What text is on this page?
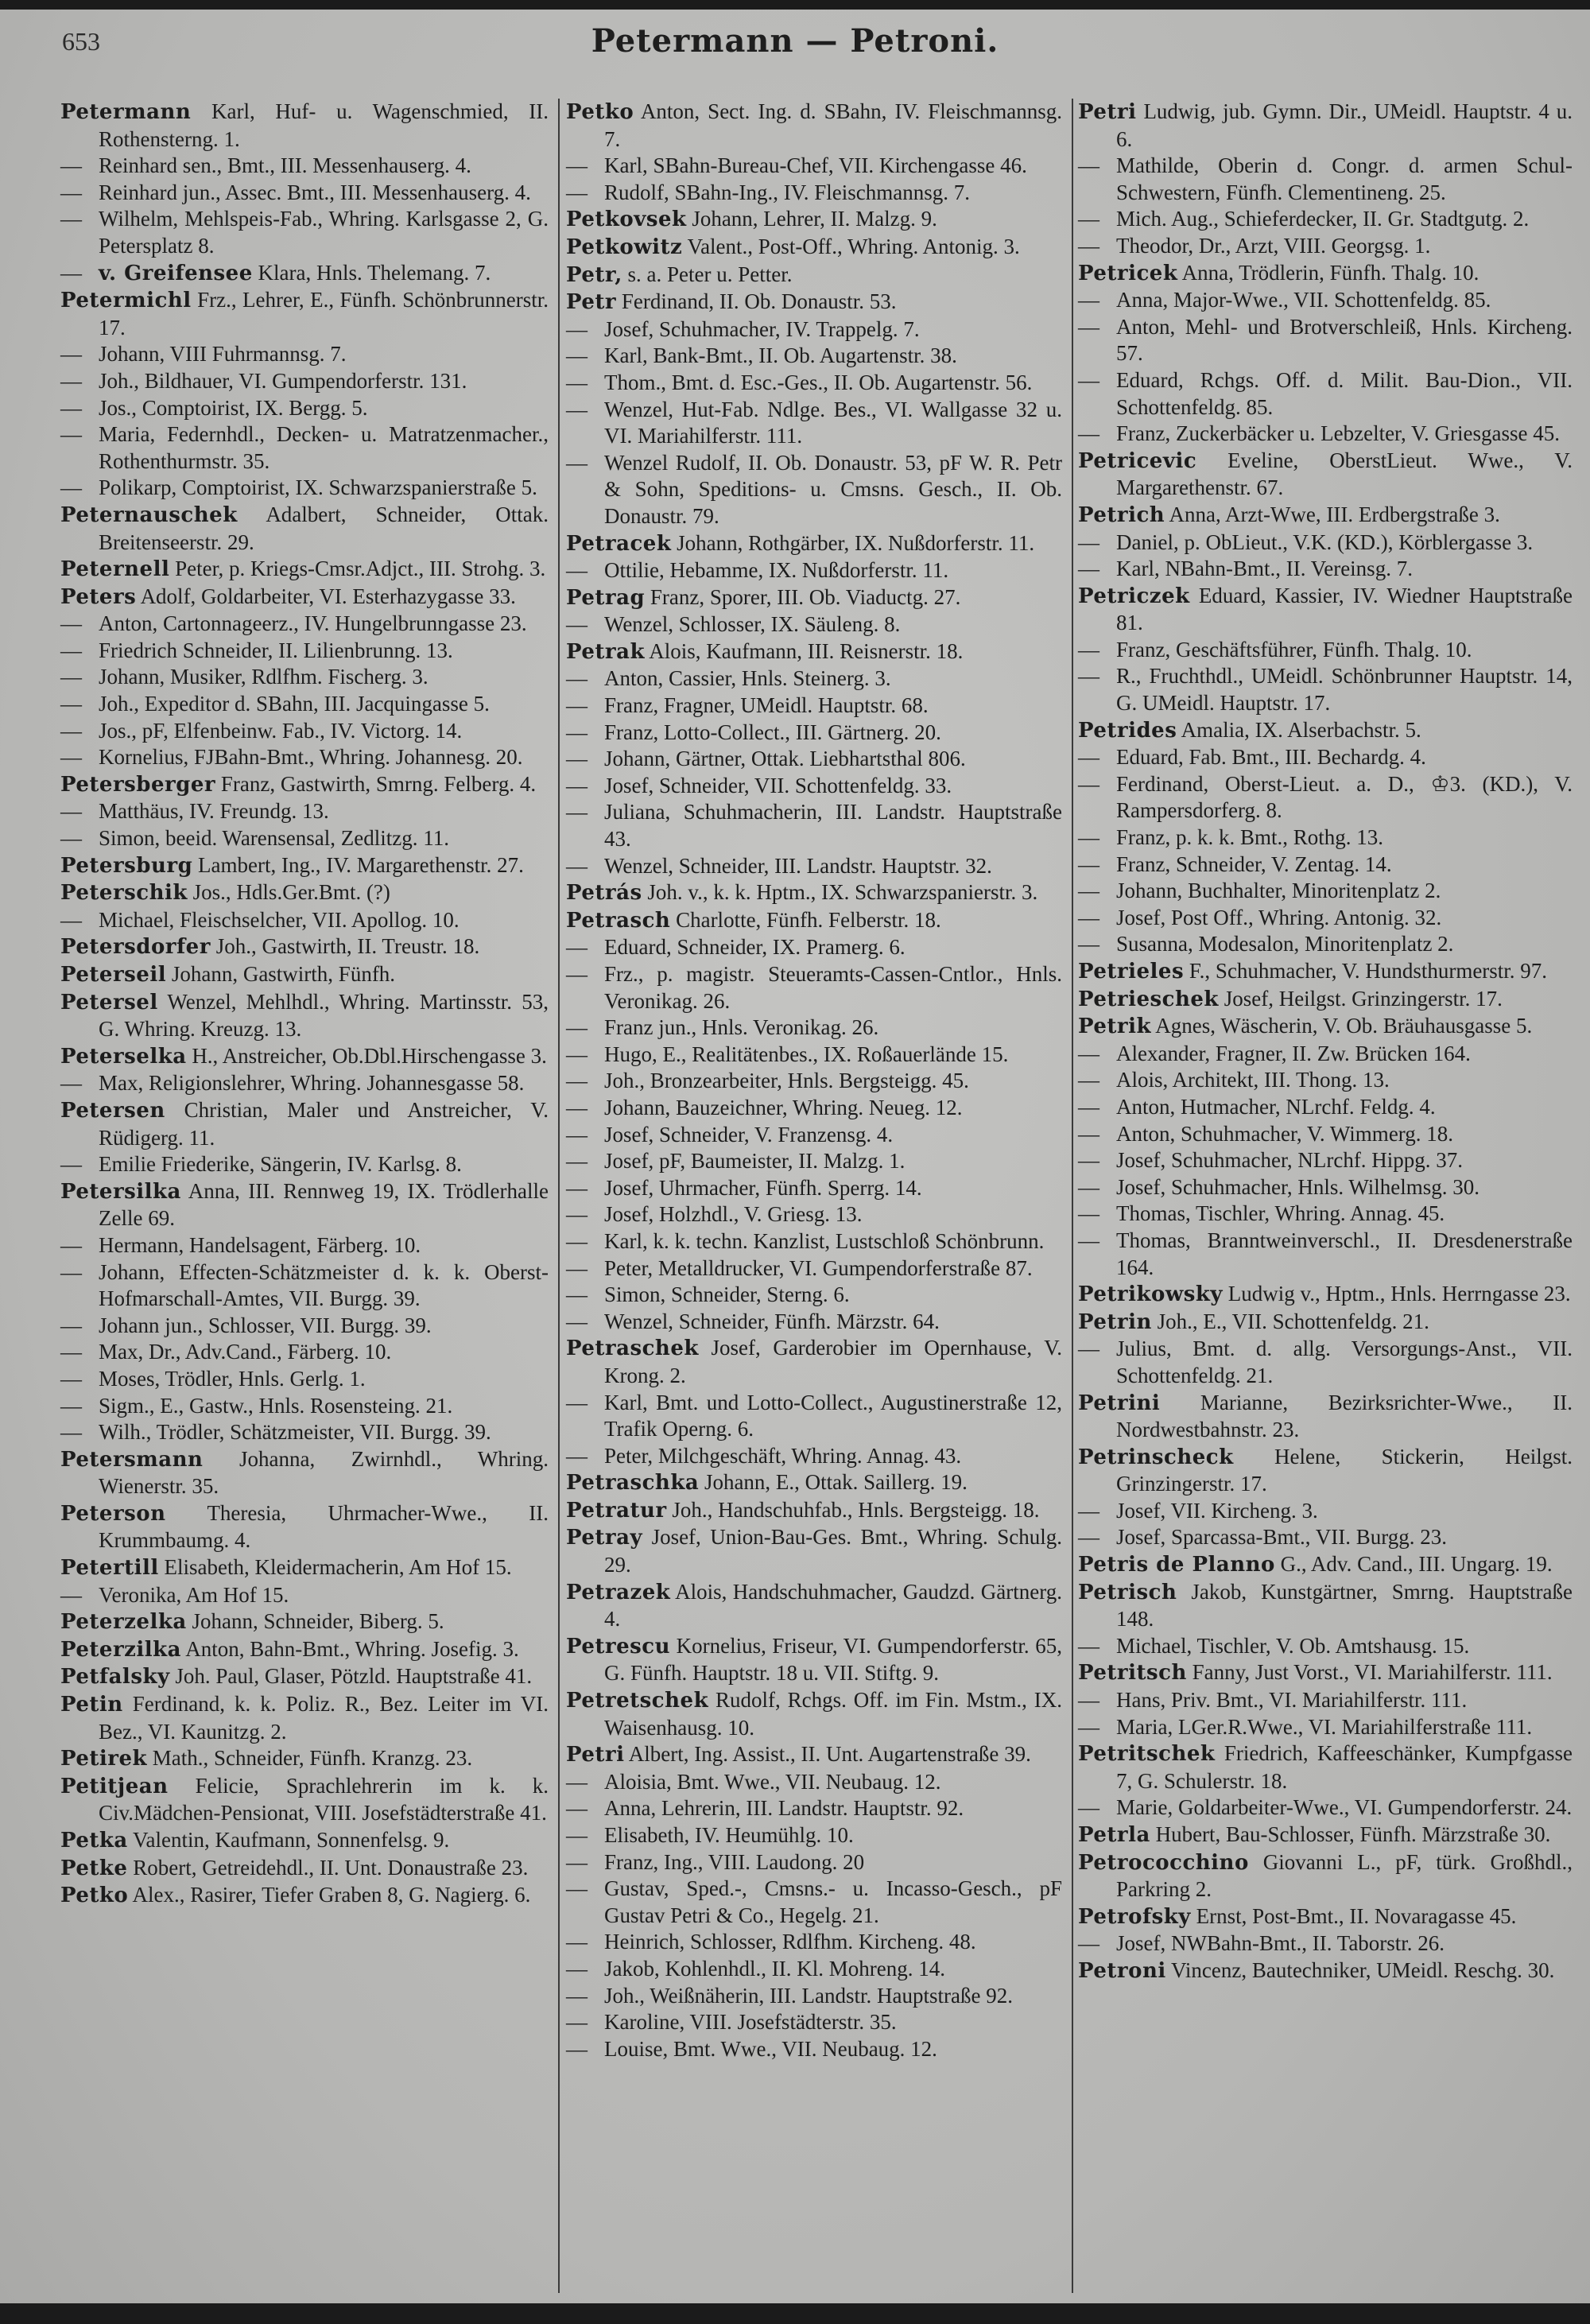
653	Petermann — Petroni.

Petermann Karl, Huf- u. Wagenschmied, II. Rothensterng. 1.

— Reinhard sen., Bmt., III. Messenhauserg. 4.

— Reinhard jun., Assec. Bmt., III. Messenhauserg. 4.

— Wilhelm, Mehlspeis-Fab., Whring. Karlsgasse 2, G. Petersplatz 8.

— v. Greifensee Klara, Hnls. Thelemang. 7.

Petermichl Frz., Lehrer, E., Fünfh. Schönbrunnerstr. 17.

— Johann, VIII Fuhrmannsg. 7.

— Joh., Bildhauer, VI. Gumpendorferstr. 131.

— Jos., Comptoirist, IX. Bergg. 5.

— Maria, Federnhdl., Decken- u. Matratzenmacher., Rothenthurmstr. 35.

— Polikarp, Comptoirist, IX. Schwarzspanierstraße 5.

Peternauschek Adalbert, Schneider, Ottak. Breitenseerstr. 29.

Peternell Peter, p. Kriegs-Cmsr.Adjct., III. Strohg. 3.

Peters Adolf, Goldarbeiter, VI. Esterhazygasse 33.

— Anton, Cartonnageerz., IV. Hungelbrunngasse 23.

— Friedrich Schneider, II. Lilienbrunng. 13.

— Johann, Musiker, Rdlfhm. Fischerg. 3.

— Joh., Expeditor d. SBahn, III. Jacquingasse 5.

— Jos., pF, Elfenbeinw. Fab., IV. Victorg. 14.

— Kornelius, FJBahn-Bmt., Whring. Johannesg. 20.

Petersberger Franz, Gastwirth, Smrng. Felberg. 4.

— Matthäus, IV. Freundg. 13.

— Simon, beeid. Warensensal, Zedlitzg. 11.

Petersburg Lambert, Ing., IV. Margarethenstr. 27.

Peterschik Jos., Hdls.Ger.Bmt. (?)

— Michael, Fleischselcher, VII. Apollog. 10.

Petersdorfer Joh., Gastwirth, II. Treustr. 18.

Peterseil Johann, Gastwirth, Fünfh.

Petersel Wenzel, Mehlhdl., Whring. Martinsstr. 53, G. Whring. Kreuzg. 13.

Peterselka H., Anstreicher, Ob.Dbl.Hirschengasse 3.

— Max, Religionslehrer, Whring. Johannesgasse 58.

Petersen Christian, Maler und Anstreicher, V. Rüdigerg. 11.

— Emilie Friederike, Sängerin, IV. Karlsg. 8.

Petersilka Anna, III. Rennweg 19, IX. Trödlerhalle Zelle 69.

— Hermann, Handelsagent, Färberg. 10.

— Johann, Effecten-Schätzmeister d. k. k. Oberst-Hofmarschall-Amtes, VII. Burgg. 39.

— Johann jun., Schlosser, VII. Burgg. 39.

— Max, Dr., Adv.Cand., Färberg. 10.

— Moses, Trödler, Hnls. Gerlg. 1.

— Sigm., E., Gastw., Hnls. Rosensteing. 21.

— Wilh., Trödler, Schätzmeister, VII. Burgg. 39.

Petersmann Johanna, Zwirnhdl., Whring. Wienerstr. 35.

Peterson Theresia, Uhrmacher-Wwe., II. Krummbaumg. 4.

Petertill Elisabeth, Kleidermacherin, Am Hof 15.

— Veronika, Am Hof 15.

Peterzelka Johann, Schneider, Biberg. 5.

Peterzilka Anton, Bahn-Bmt., Whring. Josefig. 3.

Petfalsky Joh. Paul, Glaser, Pötzld. Hauptstraße 41.

Petin Ferdinand, k. k. Poliz. R., Bez. Leiter im VI. Bez., VI. Kaunitzg. 2.

Petirek Math., Schneider, Fünfh. Kranzg. 23.

Petitjean Felicie, Sprachlehrerin im k. k. Civ.Mädchen-Pensionat, VIII. Josefstädterstraße 41.

Petka Valentin, Kaufmann, Sonnenfelsg. 9.

Petke Robert, Getreidehdl., II. Unt. Donaustraße 23.

Petko Alex., Rasirer, Tiefer Graben 8, G. Nagierg. 6.

Petko Anton, Sect. Ing. d. SBahn, IV. Fleischmannsg. 7.

— Karl, SBahn-Bureau-Chef, VII. Kirchengasse 46.

— Rudolf, SBahn-Ing., IV. Fleischmannsg. 7.

Petkovsek Johann, Lehrer, II. Malzg. 9.

Petkowitz Valent., Post-Off., Whring. Antonig. 3.

Petr, s. a. Peter u. Petter.

Petr Ferdinand, II. Ob. Donaustr. 53.

— Josef, Schuhmacher, IV. Trappelg. 7.

— Karl, Bank-Bmt., II. Ob. Augartenstr. 38.

— Thom., Bmt. d. Esc.-Ges., II. Ob. Augartenstr. 56.

— Wenzel, Hut-Fab. Ndlge. Bes., VI. Wallgasse 32 u. VI. Mariahilferstr. 111.

— Wenzel Rudolf, II. Ob. Donaustr. 53, pF W. R. Petr & Sohn, Speditions- u. Cmsns. Gesch., II. Ob. Donaustr. 79.

Petracek Johann, Rothgärber, IX. Nußdorferstr. 11.

— Ottilie, Hebamme, IX. Nußdorferstr. 11.

Petrag Franz, Sporer, III. Ob. Viaductg. 27.

— Wenzel, Schlosser, IX. Säuleng. 8.

Petrak Alois, Kaufmann, III. Reisnerstr. 18.

— Anton, Cassier, Hnls. Steinerg. 3.

— Franz, Fragner, UMeidl. Hauptstr. 68.

— Franz, Lotto-Collect., III. Gärtnerg. 20.

— Johann, Gärtner, Ottak. Liebhartsthal 806.

— Josef, Schneider, VII. Schottenfeldg. 33.

— Juliana, Schuhmacherin, III. Landstr. Hauptstraße 43.

— Wenzel, Schneider, III. Landstr. Hauptstr. 32.

Petrás Joh. v., k. k. Hptm., IX. Schwarzspanierstr. 3.

Petrasch Charlotte, Fünfh. Felberstr. 18.

— Eduard, Schneider, IX. Pramerg. 6.

— Frz., p. magistr. Steueramts-Cassen-Cntlor., Hnls. Veronikag. 26.

— Franz jun., Hnls. Veronikag. 26.

— Hugo, E., Realitätenbes., IX. Roßauerlände 15.

— Joh., Bronzearbeiter, Hnls. Bergsteigg. 45.

— Johann, Bauzeichner, Whring. Neueg. 12.

— Josef, Schneider, V. Franzensg. 4.

— Josef, pF, Baumeister, II. Malzg. 1.

— Josef, Uhrmacher, Fünfh. Sperrg. 14.

— Josef, Holzhdl., V. Griesg. 13.

— Karl, k. k. techn. Kanzlist, Lustschloß Schönbrunn.

— Peter, Metalldrucker, VI. Gumpendorferstraße 87.

— Simon, Schneider, Sterng. 6.

— Wenzel, Schneider, Fünfh. Märzstr. 64.

Petraschek Josef, Garderobier im Opernhause, V. Krong. 2.

— Karl, Bmt. und Lotto-Collect., Augustinerstraße 12, Trafik Operng. 6.

— Peter, Milchgeschäft, Whring. Annag. 43.

Petraschka Johann, E., Ottak. Saillerg. 19.

Petratur Joh., Handschuhfab., Hnls. Bergsteigg. 18.

Petray Josef, Union-Bau-Ges. Bmt., Whring. Schulg. 29.

Petrazek Alois, Handschuhmacher, Gaudzd. Gärtnerg. 4.

Petrescu Kornelius, Friseur, VI. Gumpendorferstr. 65, G. Fünfh. Hauptstr. 18 u. VII. Stiftg. 9.

Petretschek Rudolf, Rchgs. Off. im Fin. Mstm., IX. Waisenhausg. 10.

Petri Albert, Ing. Assist., II. Unt. Augartenstraße 39.

— Aloisia, Bmt. Wwe., VII. Neubaug. 12.

— Anna, Lehrerin, III. Landstr. Hauptstr. 92.

— Elisabeth, IV. Heumühlg. 10.

— Franz, Ing., VIII. Laudong. 20

— Gustav, Sped.-, Cmsns.- u. Incasso-Gesch., pF Gustav Petri & Co., Hegelg. 21.

— Heinrich, Schlosser, Rdlfhm. Kircheng. 48.

— Jakob, Kohlenhdl., II. Kl. Mohreng. 14.

— Joh., Weißnäherin, III. Landstr. Hauptstraße 92.

— Karoline, VIII. Josefstädterstr. 35.

— Louise, Bmt. Wwe., VII. Neubaug. 12.

Petri Ludwig, jub. Gymn. Dir., UMeidl. Hauptstr. 4 u. 6.

— Mathilde, Oberin d. Congr. d. armen Schul-Schwestern, Fünfh. Clementineng. 25.

— Mich. Aug., Schieferdecker, II. Gr. Stadtgutg. 2.

— Theodor, Dr., Arzt, VIII. Georgsg. 1.

Petricek Anna, Trödlerin, Fünfh. Thalg. 10.

— Anna, Major-Wwe., VII. Schottenfeldg. 85.

— Anton, Mehl- und Brotverschleiß, Hnls. Kircheng. 57.

— Eduard, Rchgs. Off. d. Milit. Bau-Dion., VII. Schottenfeldg. 85.

— Franz, Zuckerbäcker u. Lebzelter, V. Griesgasse 45.

Petricevic Eveline, OberstLieut. Wwe., V. Margarethenstr. 67.

Petrich Anna, Arzt-Wwe, III. Erdbergstraße 3.

— Daniel, p. ObLieut., V.K. (KD.), Körblergasse 3.

— Karl, NBahn-Bmt., II. Vereinsg. 7.

Petriczek Eduard, Kassier, IV. Wiedner Hauptstraße 81.

— Franz, Geschäftsführer, Fünfh. Thalg. 10.

— R., Fruchthdl., UMeidl. Schönbrunner Hauptstr. 14, G. UMeidl. Hauptstr. 17.

Petrides Amalia, IX. Alserbachstr. 5.

— Eduard, Fab. Bmt., III. Bechardg. 4.

— Ferdinand, Oberst-Lieut. a. D., ♔3. (KD.), V. Rampersdorferg. 8.

— Franz, p. k. k. Bmt., Rothg. 13.

— Franz, Schneider, V. Zentag. 14.

— Johann, Buchhalter, Minoritenplatz 2.

— Josef, Post Off., Whring. Antonig. 32.

— Susanna, Modesalon, Minoritenplatz 2.

Petrieles F., Schuhmacher, V. Hundsthurmerstr. 97.

Petrieschek Josef, Heilgst. Grinzingerstr. 17.

Petrik Agnes, Wäscherin, V. Ob. Bräuhausgasse 5.

— Alexander, Fragner, II. Zw. Brücken 164.

— Alois, Architekt, III. Thong. 13.

— Anton, Hutmacher, NLrchf. Feldg. 4.

— Anton, Schuhmacher, V. Wimmerg. 18.

— Josef, Schuhmacher, NLrchf. Hippg. 37.

— Josef, Schuhmacher, Hnls. Wilhelmsg. 30.

— Thomas, Tischler, Whring. Annag. 45.

— Thomas, Branntweinverschl., II. Dresdenerstraße 164.

Petrikowsky Ludwig v., Hptm., Hnls. Herrngasse 23.

Petrin Joh., E., VII. Schottenfeldg. 21.

— Julius, Bmt. d. allg. Versorgungs-Anst., VII. Schottenfeldg. 21.

Petrini Marianne, Bezirksrichter-Wwe., II. Nordwestbahnstr. 23.

Petrinscheck Helene, Stickerin, Heilgst. Grinzingerstr. 17.

— Josef, VII. Kircheng. 3.

— Josef, Sparcassa-Bmt., VII. Burgg. 23.

Petris de Planno G., Adv. Cand., III. Ungarg. 19.

Petrisch Jakob, Kunstgärtner, Smrng. Hauptstraße 148.

— Michael, Tischler, V. Ob. Amtshausg. 15.

Petritsch Fanny, Just Vorst., VI. Mariahilferstr. 111.

— Hans, Priv. Bmt., VI. Mariahilferstr. 111.

— Maria, LGer.R.Wwe., VI. Mariahilferstraße 111.

Petritschek Friedrich, Kaffeeschänker, Kumpfgasse 7, G. Schulerstr. 18.

— Marie, Goldarbeiter-Wwe., VI. Gumpendorferstr. 24.

Petrla Hubert, Bau-Schlosser, Fünfh. Märzstraße 30.

Petrococchino Giovanni L., pF, türk. Großhdl., Parkring 2.

Petrofsky Ernst, Post-Bmt., II. Novaragasse 45.

— Josef, NWBahn-Bmt., II. Taborstr. 26.

Petroni Vincenz, Bautechniker, UMeidl. Reschg. 30.
